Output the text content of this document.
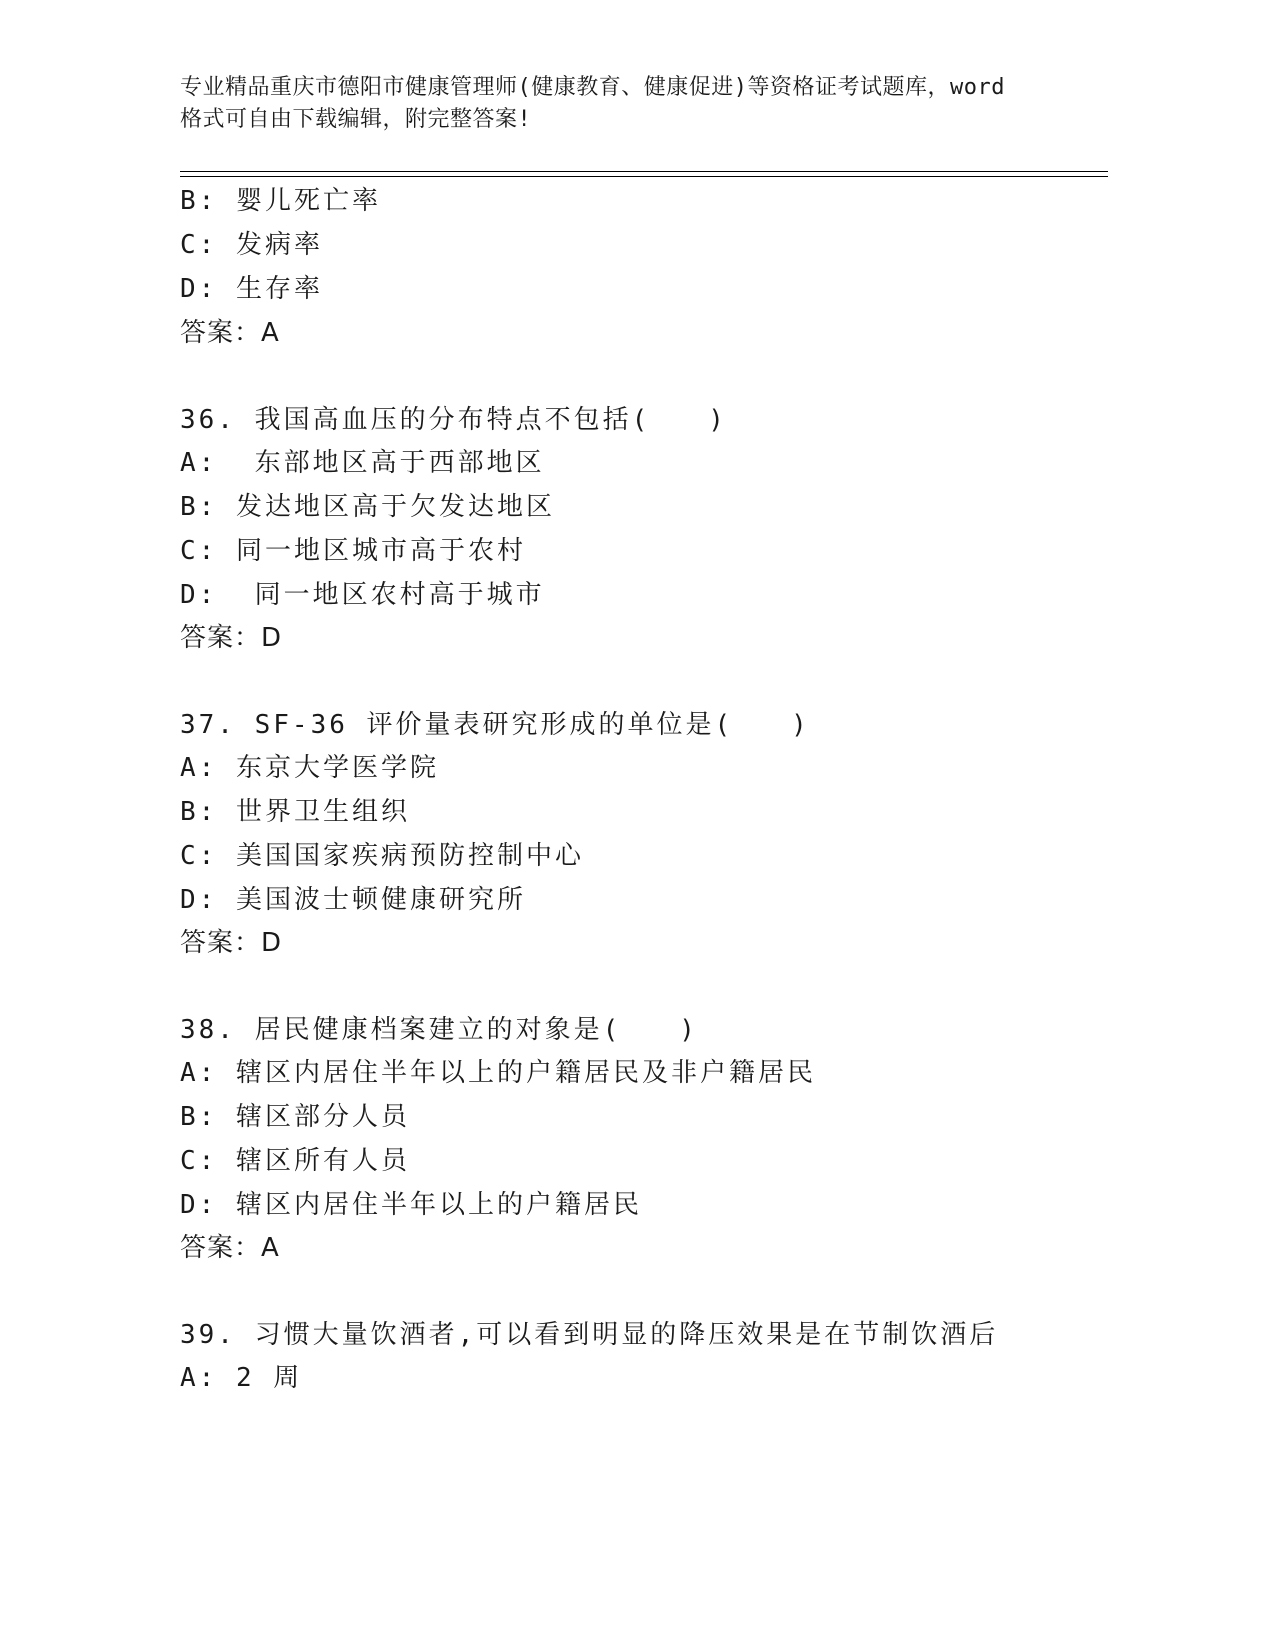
专业精品重庆市德阳市健康管理师(健康教育、健康促进)等资格证考试题库，word
格式可自由下载编辑，附完整答案!
B: 婴儿死亡率
C: 发病率
D: 生存率
答案：A
36. 我国高血压的分布特点不包括(　　)
A:  东部地区高于西部地区
B: 发达地区高于欠发达地区
C: 同一地区城市高于农村
D:  同一地区农村高于城市
答案：D
37. SF-36 评价量表研究形成的单位是(　　)
A: 东京大学医学院
B: 世界卫生组织
C: 美国国家疾病预防控制中心
D: 美国波士顿健康研究所
答案：D
38. 居民健康档案建立的对象是(　　)
A: 辖区内居住半年以上的户籍居民及非户籍居民
B: 辖区部分人员
C: 辖区所有人员
D: 辖区内居住半年以上的户籍居民
答案：A
39. 习惯大量饮酒者,可以看到明显的降压效果是在节制饮酒后
A: 2 周
